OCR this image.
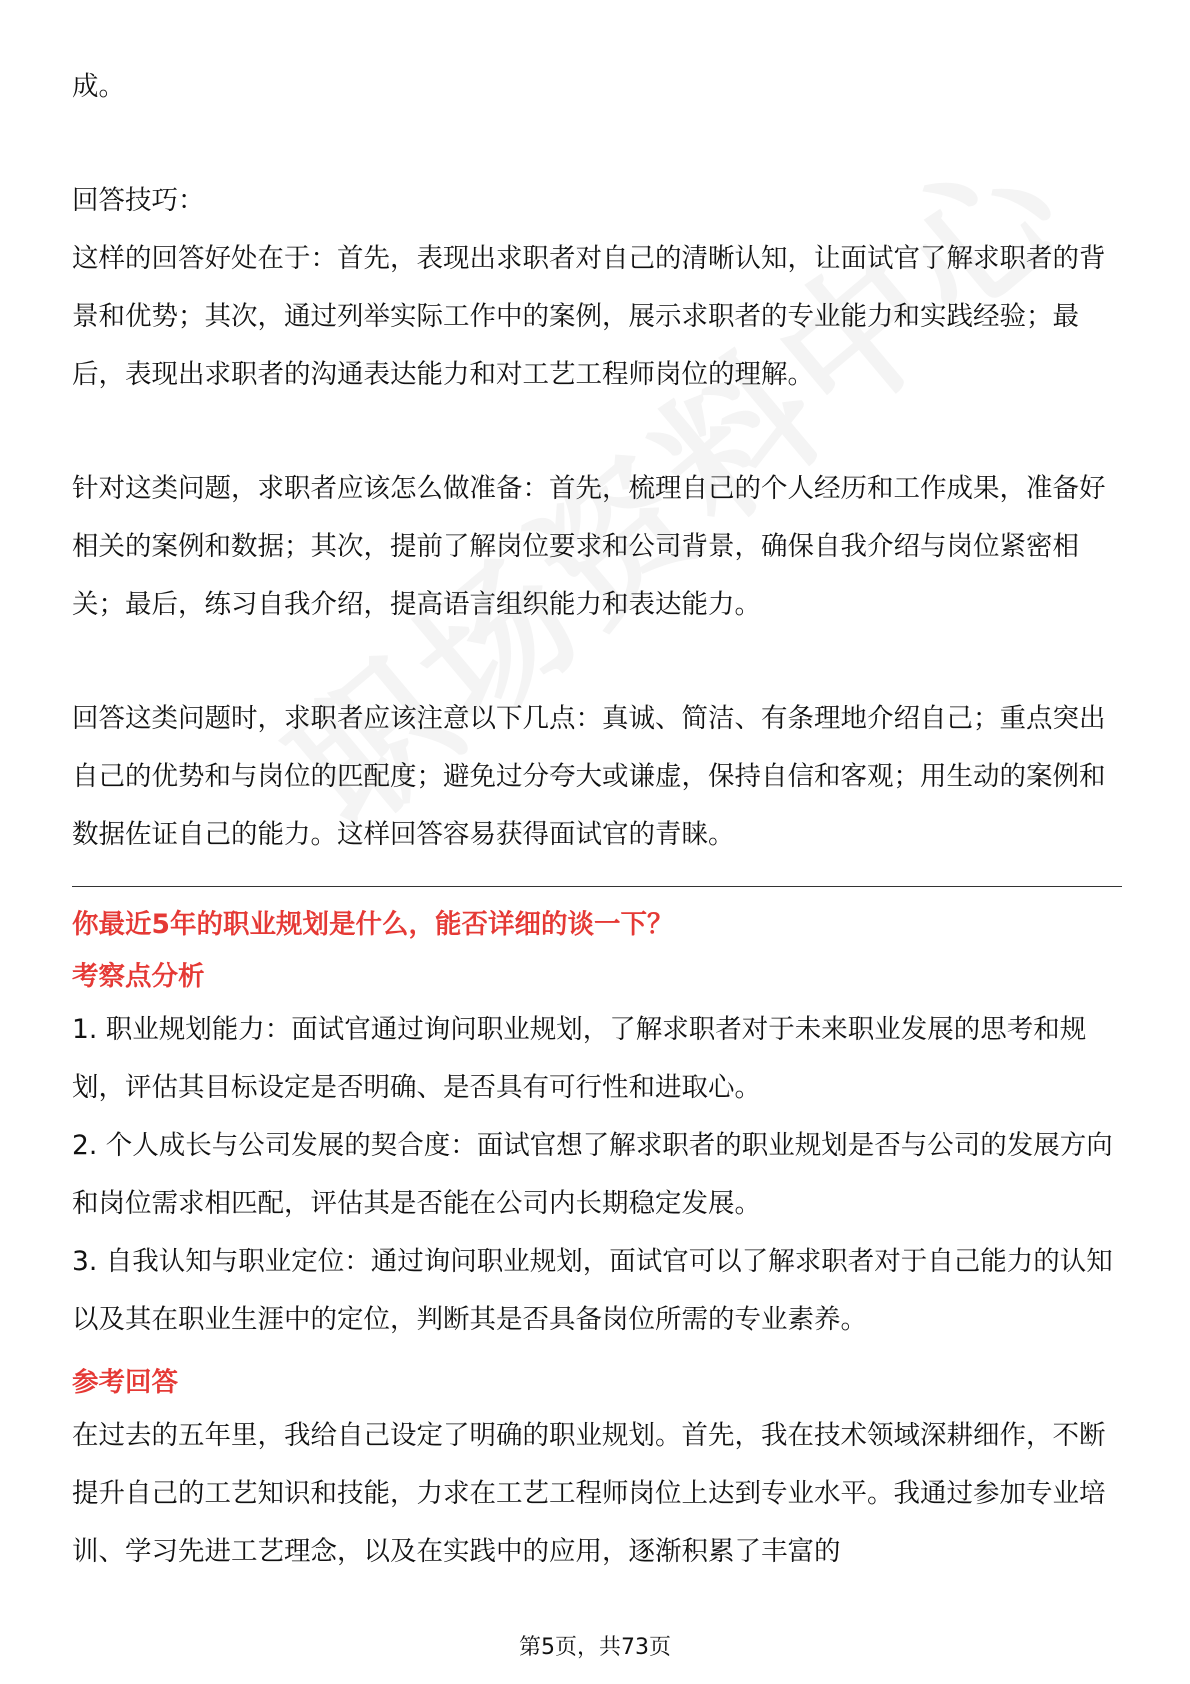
成。

回答技巧：

这样的回答好处在于：首先，表现出求职者对自己的清晰认知，让面试官了解求职者的背景和优势；其次，通过列举实际工作中的案例，展示求职者的专业能力和实践经验；最后，表现出求职者的沟通表达能力和对工艺工程师岗位的理解。

针对这类问题，求职者应该怎么做准备：首先，梳理自己的个人经历和工作成果，准备好相关的案例和数据；其次，提前了解岗位要求和公司背景，确保自我介绍与岗位紧密相关；最后，练习自我介绍，提高语言组织能力和表达能力。

回答这类问题时，求职者应该注意以下几点：真诚、简洁、有条理地介绍自己；重点突出自己的优势和与岗位的匹配度；避免过分夸大或谦虚，保持自信和客观；用生动的案例和数据佐证自己的能力。这样回答容易获得面试官的青睐。

你最近5年的职业规划是什么，能否详细的谈一下？

考察点分析

1. 职业规划能力：面试官通过询问职业规划，了解求职者对于未来职业发展的思考和规划，评估其目标设定是否明确、是否具有可行性和进取心。

2. 个人成长与公司发展的契合度：面试官想了解求职者的职业规划是否与公司的发展方向和岗位需求相匹配，评估其是否能在公司内长期稳定发展。

3. 自我认知与职业定位：通过询问职业规划，面试官可以了解求职者对于自己能力的认知以及其在职业生涯中的定位，判断其是否具备岗位所需的专业素养。

参考回答

在过去的五年里，我给自己设定了明确的职业规划。首先，我在技术领域深耕细作，不断提升自己的工艺知识和技能，力求在工艺工程师岗位上达到专业水平。我通过参加专业培训、学习先进工艺理念，以及在实践中的应用，逐渐积累了丰富的

第5页，共73页
